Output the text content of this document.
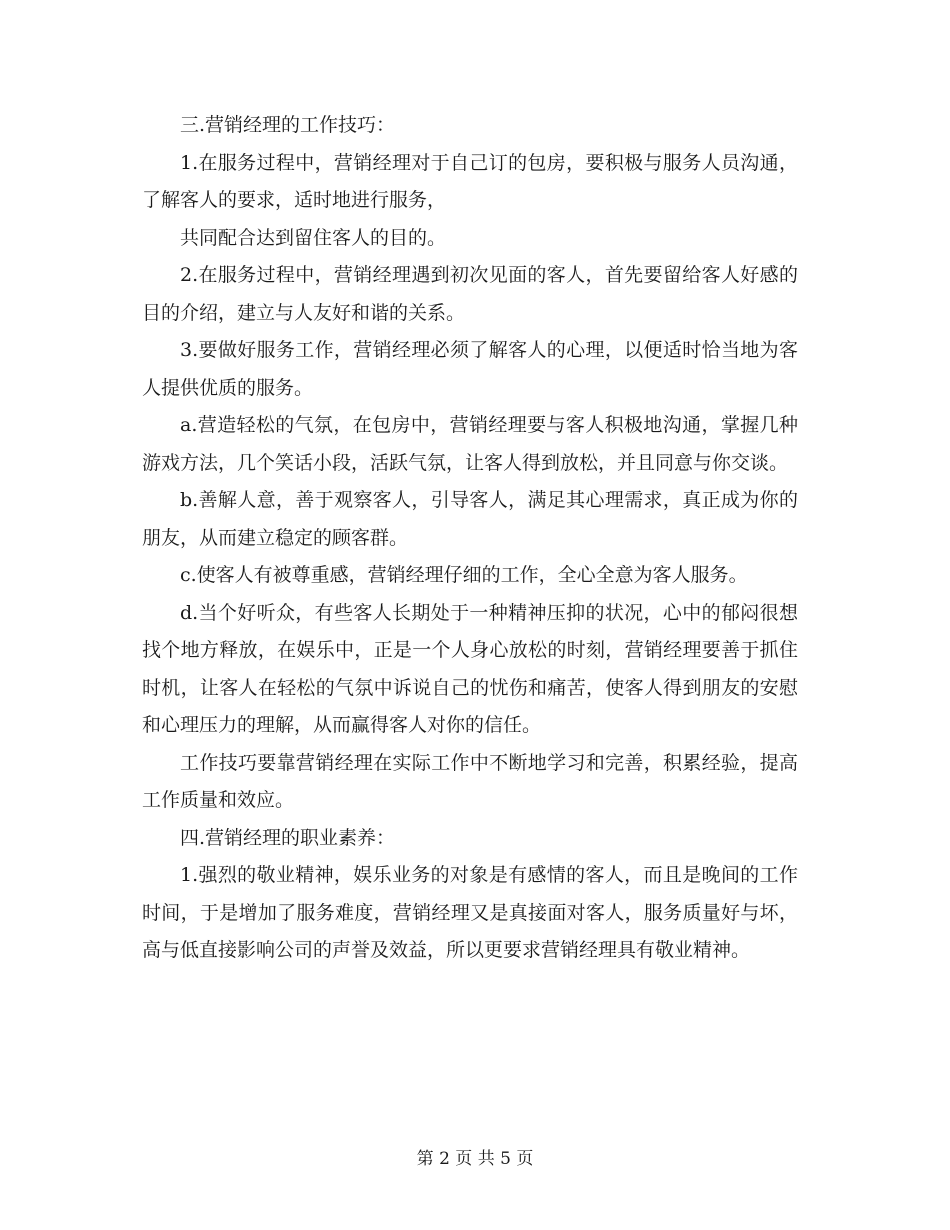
三.营销经理的工作技巧：

1.在服务过程中，营销经理对于自己订的包房，要积极与服务人员沟通，了解客人的要求，适时地进行服务，

共同配合达到留住客人的目的。

2.在服务过程中，营销经理遇到初次见面的客人，首先要留给客人好感的目的介绍，建立与人友好和谐的关系。

3.要做好服务工作，营销经理必须了解客人的心理，以便适时恰当地为客人提供优质的服务。

a.营造轻松的气氛，在包房中，营销经理要与客人积极地沟通，掌握几种游戏方法，几个笑话小段，活跃气氛，让客人得到放松，并且同意与你交谈。

b.善解人意，善于观察客人，引导客人，满足其心理需求，真正成为你的朋友，从而建立稳定的顾客群。

c.使客人有被尊重感，营销经理仔细的工作，全心全意为客人服务。

d.当个好听众，有些客人长期处于一种精神压抑的状况，心中的郁闷很想找个地方释放，在娱乐中，正是一个人身心放松的时刻，营销经理要善于抓住时机，让客人在轻松的气氛中诉说自己的忧伤和痛苦，使客人得到朋友的安慰和心理压力的理解，从而赢得客人对你的信任。

工作技巧要靠营销经理在实际工作中不断地学习和完善，积累经验，提高工作质量和效应。

四.营销经理的职业素养：

1.强烈的敬业精神，娱乐业务的对象是有感情的客人，而且是晚间的工作时间，于是增加了服务难度，营销经理又是真接面对客人，服务质量好与坏，高与低直接影响公司的声誉及效益，所以更要求营销经理具有敬业精神。

第 2 页 共 5 页
